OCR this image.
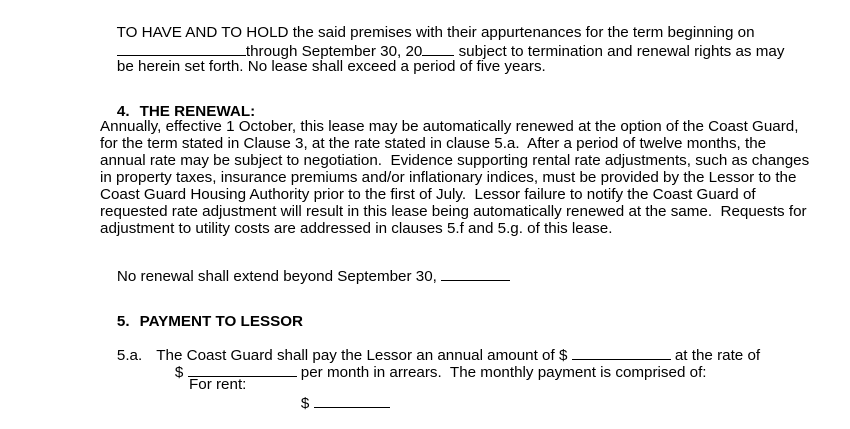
TO HAVE AND TO HOLD the said premises with their appurtenances for the term beginning on

through September 30, 20 subject to termination and renewal rights as may

be herein set forth. No lease shall exceed a period of five years.

4. THE RENEWAL:

Annually, effective 1 October, this lease may be automatically renewed at the option of the Coast Guard,
for the term stated in Clause 3, at the rate stated in clause 5.a.  After a period of twelve months, the
annual rate may be subject to negotiation.  Evidence supporting rental rate adjustments, such as changes
in property taxes, insurance premiums and/or inflationary indices, must be provided by the Lessor to the
Coast Guard Housing Authority prior to the first of July.  Lessor failure to notify the Coast Guard of
requested rate adjustment will result in this lease being automatically renewed at the same.  Requests for
adjustment to utility costs are addressed in clauses 5.f and 5.g. of this lease.

No renewal shall extend beyond September 30,

5. PAYMENT TO LESSOR

5.a. The Coast Guard shall pay the Lessor an annual amount of $	at the rate of

$	per month in arrears.  The monthly payment is comprised of:

For rent:

$
